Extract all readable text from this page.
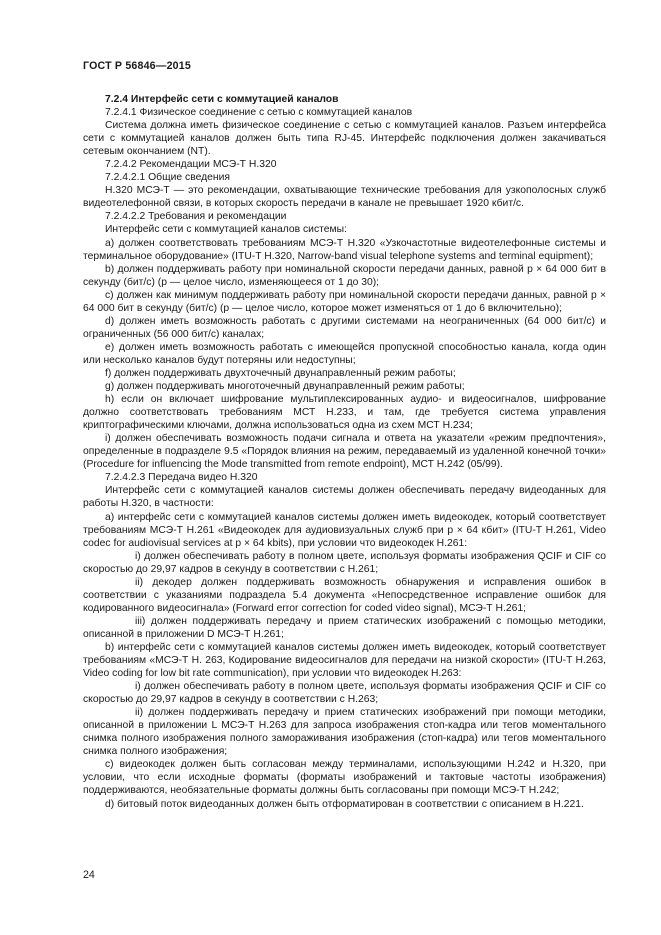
ГОСТ Р 56846—2015

7.2.4 Интерфейс сети с коммутацией каналов

7.2.4.1 Физическое соединение с сетью с коммутацией каналов

Система должна иметь физическое соединение с сетью с коммутацией каналов. Разъем интерфейса сети с коммутацией каналов должен быть типа RJ-45. Интерфейс подключения должен закачиваться сетевым окончанием (NT).

7.2.4.2 Рекомендации МСЭ-Т Н.320

7.2.4.2.1 Общие сведения

Н.320 МСЭ-Т — это рекомендации, охватывающие технические требования для узкополосных служб видеотелефонной связи, в которых скорость передачи в канале не превышает 1920 кбит/с.

7.2.4.2.2 Требования и рекомендации

Интерфейс сети с коммутацией каналов системы:

а) должен соответствовать требованиям МСЭ-Т Н.320 «Узкочастотные видеотелефонные системы и терминальное оборудование» (ITU-T H.320, Narrow-band visual telephone systems and terminal equipment);

b) должен поддерживать работу при номинальной скорости передачи данных, равной p × 64 000 бит в секунду (бит/с) (p — целое число, изменяющееся от 1 до 30);

c) должен как минимум поддерживать работу при номинальной скорости передачи данных, равной p × 64 000 бит в секунду (бит/с) (p — целое число, которое может изменяться от 1 до 6 включительно);

d) должен иметь возможность работать с другими системами на неограниченных (64 000 бит/с) и ограниченных (56 000 бит/с) каналах;

e) должен иметь возможность работать с имеющейся пропускной способностью канала, когда один или несколько каналов будут потеряны или недоступны;

f) должен поддерживать двухточечный двунаправленный режим работы;

g) должен поддерживать многоточечный двунаправленный режим работы;

h) если он включает шифрование мультиплексированных аудио- и видеосигналов, шифрование должно соответствовать требованиям МСТ Н.233, и там, где требуется система управления криптографическими ключами, должна использоваться одна из схем МСТ Н.234;

i) должен обеспечивать возможность подачи сигнала и ответа на указатели «режим предпочтения», определенные в подразделе 9.5 «Порядок влияния на режим, передаваемый из удаленной конечной точки» (Procedure for influencing the Mode transmitted from remote endpoint), МСТ Н.242 (05/99).

7.2.4.2.3 Передача видео Н.320

Интерфейс сети с коммутацией каналов системы должен обеспечивать передачу видеоданных для работы Н.320, в частности:

а) интерфейс сети с коммутацией каналов системы должен иметь видеокодек, который соответствует требованиям МСЭ-Т Н.261 «Видеокодек для аудиовизуальных служб при p × 64 кбит» (ITU-T H.261, Video codec for audiovisual services at p × 64 kbits), при условии что видеокодек Н.261:

i) должен обеспечивать работу в полном цвете, используя форматы изображения QCIF и CIF со скоростью до 29,97 кадров в секунду в соответствии с Н.261;

ii) декодер должен поддерживать возможность обнаружения и исправления ошибок в соответствии с указаниями подраздела 5.4 документа «Непосредственное исправление ошибок для кодированного видеосигнала» (Forward error correction for coded video signal), МСЭ-Т Н.261;

iii) должен поддерживать передачу и прием статических изображений с помощью методики, описанной в приложении D МСЭ-Т Н.261;

b) интерфейс сети с коммутацией каналов системы должен иметь видеокодек, который соответствует требованиям «МСЭ-Т Н. 263, Кодирование видеосигналов для передачи на низкой скорости» (ITU-T H.263, Video coding for low bit rate communication), при условии что видеокодек Н.263:

i) должен обеспечивать работу в полном цвете, используя форматы изображения QCIF и CIF со скоростью до 29,97 кадров в секунду в соответствии с Н.263;

ii) должен поддерживать передачу и прием статических изображений при помощи методики, описанной в приложении L МСЭ-Т Н.263 для запроса изображения стоп-кадра или тегов моментального снимка полного изображения полного замораживания изображения (стоп-кадра) или тегов моментального снимка полного изображения;

c) видеокодек должен быть согласован между терминалами, использующими Н.242 и Н.320, при условии, что если исходные форматы (форматы изображений и тактовые частоты изображения) поддерживаются, необязательные форматы должны быть согласованы при помощи МСЭ-Т Н.242;

d) битовый поток видеоданных должен быть отформатирован в соответствии с описанием в Н.221.

24
